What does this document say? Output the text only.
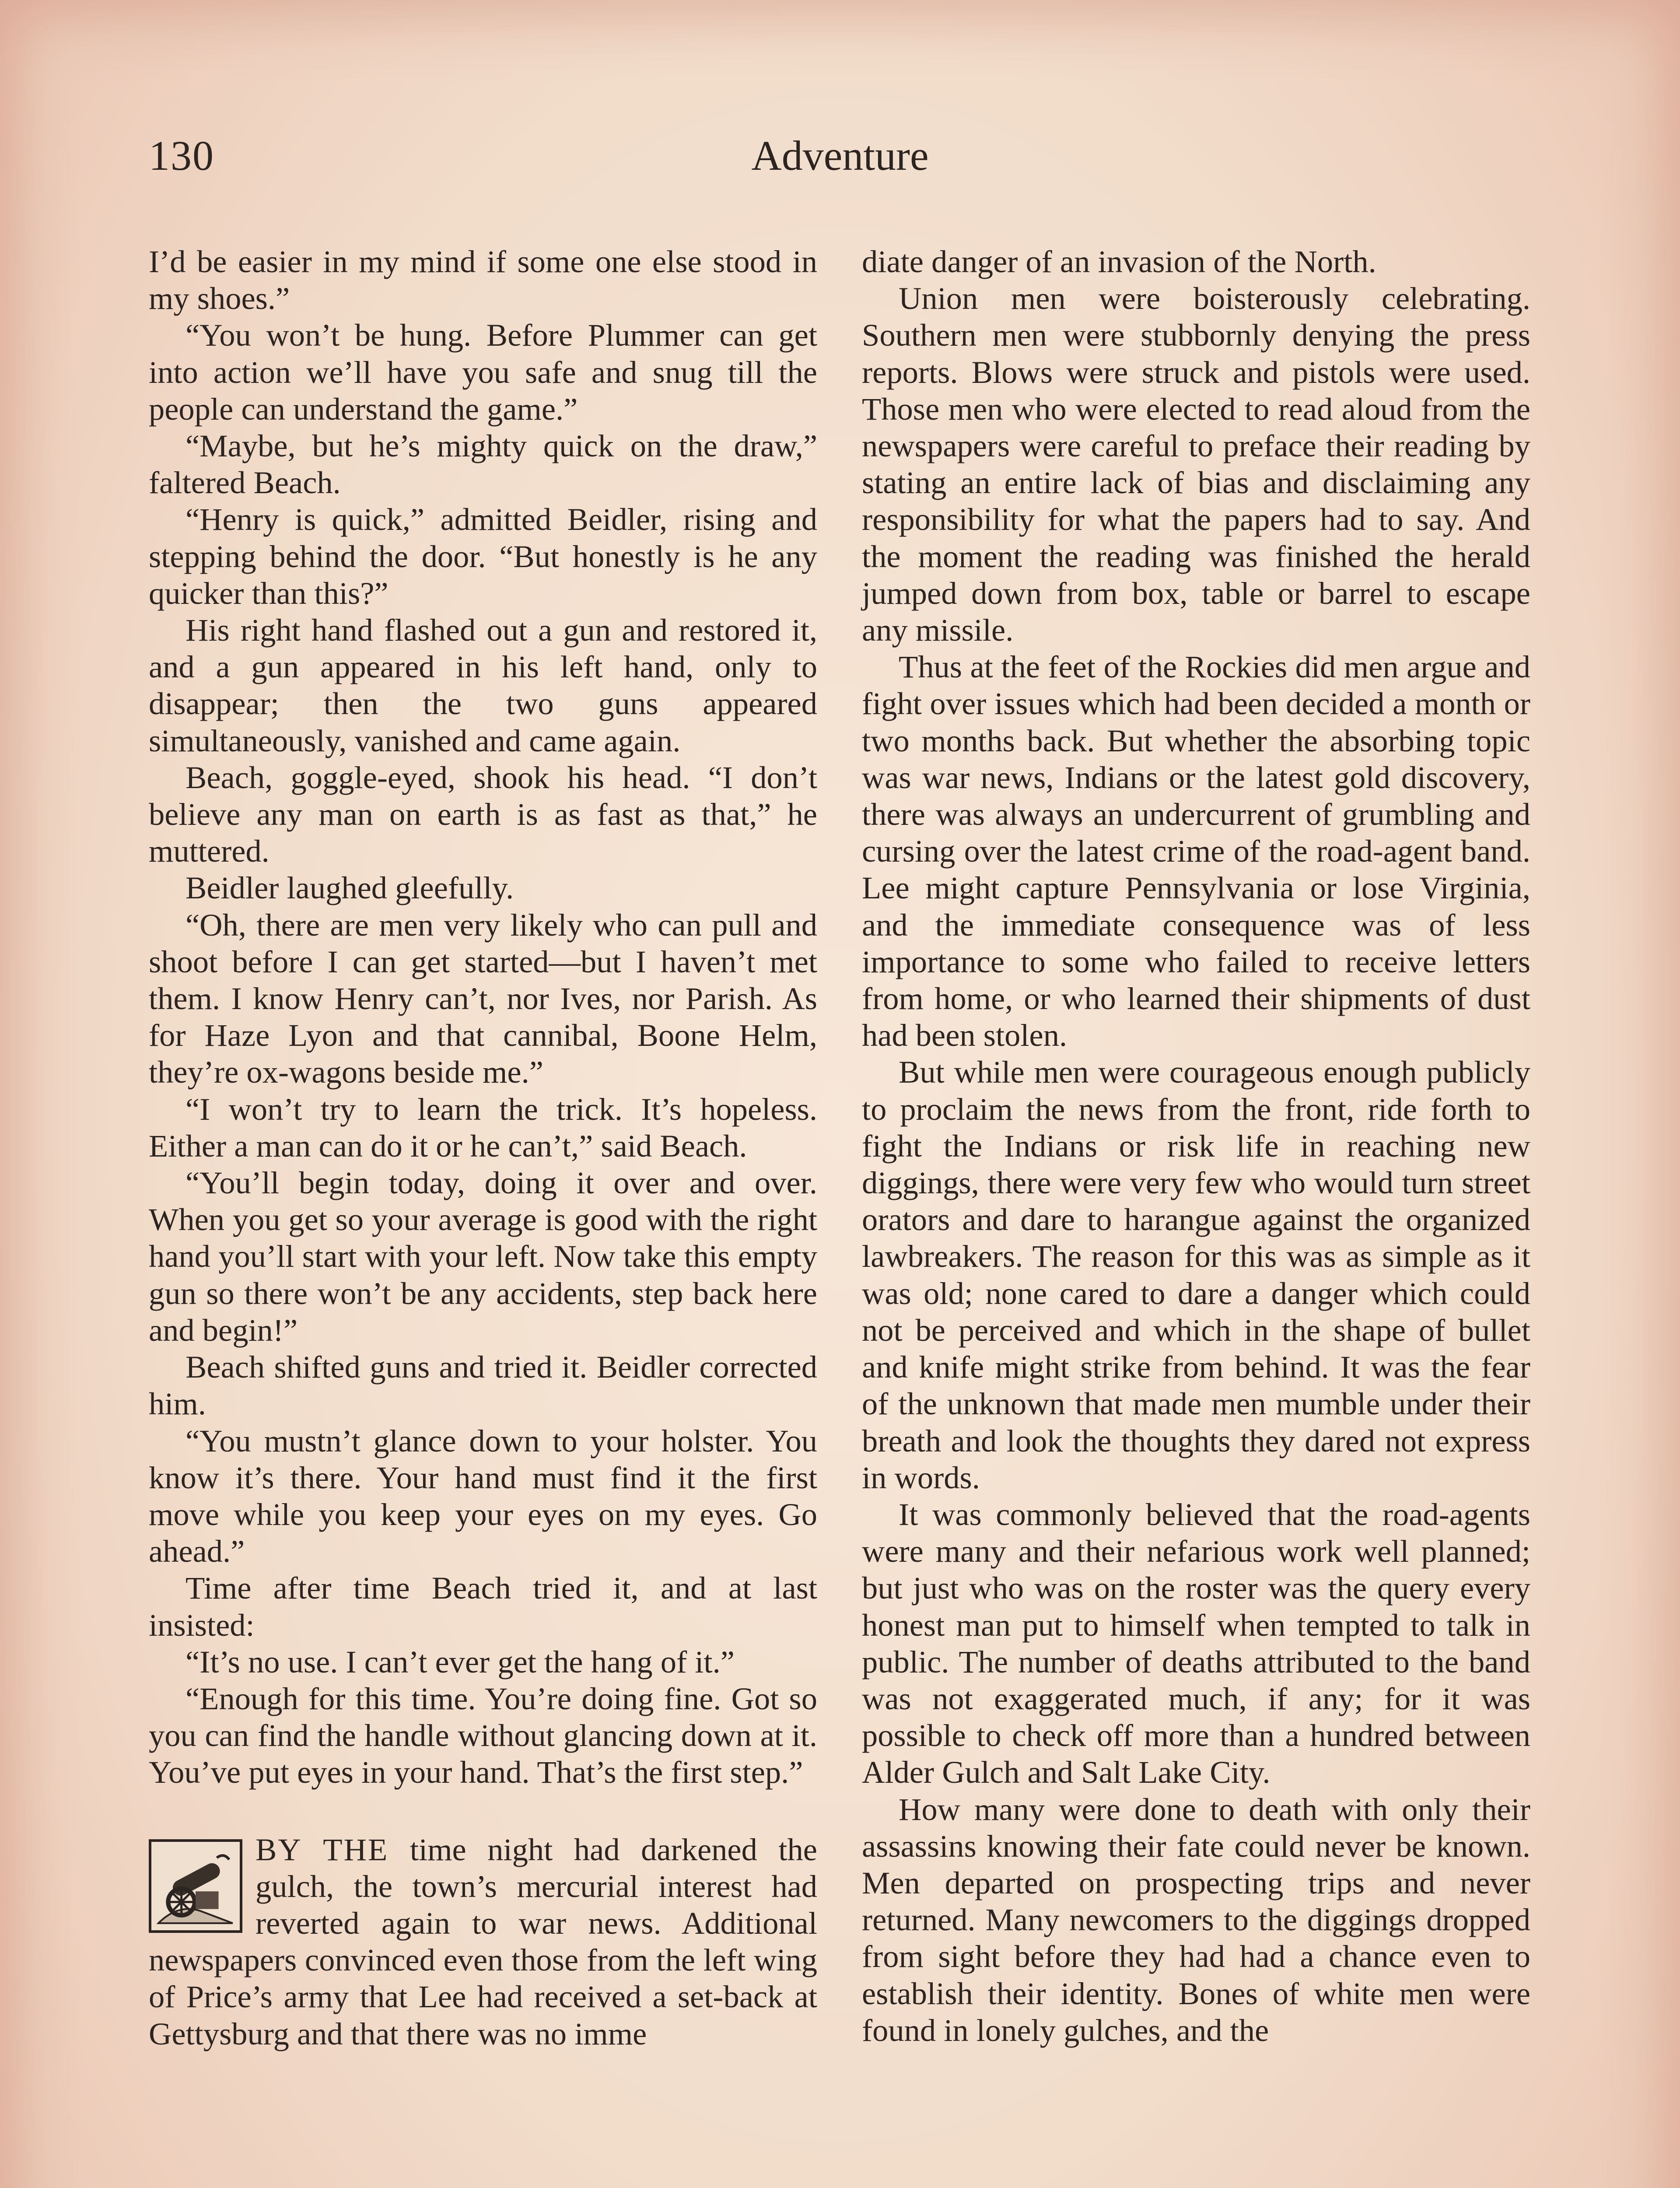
130	Adventure

I’d be easier in my mind if some one else stood in my shoes.”

“You won’t be hung. Before Plummer can get into action we’ll have you safe and snug till the people can understand the game.”

“Maybe, but he’s mighty quick on the draw,” faltered Beach.

“Henry is quick,” admitted Beidler, rising and stepping behind the door. “But honestly is he any quicker than this?”

His right hand flashed out a gun and restored it, and a gun appeared in his left hand, only to disappear; then the two guns appeared simultaneously, vanished and came again.

Beach, goggle-eyed, shook his head. “I don’t believe any man on earth is as fast as that,” he muttered.

Beidler laughed gleefully.

“Oh, there are men very likely who can pull and shoot before I can get started—but I haven’t met them. I know Henry can’t, nor Ives, nor Parish. As for Haze Lyon and that cannibal, Boone Helm, they’re ox-wagons beside me.”

“I won’t try to learn the trick. It’s hopeless. Either a man can do it or he can’t,” said Beach.

“You’ll begin today, doing it over and over. When you get so your average is good with the right hand you’ll start with your left. Now take this empty gun so there won’t be any accidents, step back here and begin!”

Beach shifted guns and tried it. Beidler corrected him.

“You mustn’t glance down to your holster. You know it’s there. Your hand must find it the first move while you keep your eyes on my eyes. Go ahead.”

Time after time Beach tried it, and at last insisted:

“It’s no use. I can’t ever get the hang of it.”

“Enough for this time. You’re doing fine. Got so you can find the handle without glancing down at it. You’ve put eyes in your hand. That’s the first step.”

BY THE time night had darkened the gulch, the town’s mercurial interest had reverted again to war news. Additional newspapers convinced even those from the left wing of Price’s army that Lee had received a set-back at Gettysburg and that there was no imme

diate danger of an invasion of the North.

Union men were boisterously celebrating. Southern men were stubbornly denying the press reports. Blows were struck and pistols were used. Those men who were elected to read aloud from the newspapers were careful to preface their reading by stating an entire lack of bias and disclaiming any responsibility for what the papers had to say. And the moment the reading was finished the herald jumped down from box, table or barrel to escape any missile.

Thus at the feet of the Rockies did men argue and fight over issues which had been decided a month or two months back. But whether the absorbing topic was war news, Indians or the latest gold discovery, there was always an undercurrent of grumbling and cursing over the latest crime of the road-agent band. Lee might capture Pennsylvania or lose Virginia, and the immediate consequence was of less importance to some who failed to receive letters from home, or who learned their shipments of dust had been stolen.

But while men were courageous enough publicly to proclaim the news from the front, ride forth to fight the Indians or risk life in reaching new diggings, there were very few who would turn street orators and dare to harangue against the organized lawbreakers. The reason for this was as simple as it was old; none cared to dare a danger which could not be perceived and which in the shape of bullet and knife might strike from behind. It was the fear of the unknown that made men mumble under their breath and look the thoughts they dared not express in words.

It was commonly believed that the road-agents were many and their nefarious work well planned; but just who was on the roster was the query every honest man put to himself when tempted to talk in public. The number of deaths attributed to the band was not exaggerated much, if any; for it was possible to check off more than a hundred between Alder Gulch and Salt Lake City.

How many were done to death with only their assassins knowing their fate could never be known. Men departed on prospecting trips and never returned. Many newcomers to the diggings dropped from sight before they had had a chance even to establish their identity. Bones of white men were found in lonely gulches, and the
